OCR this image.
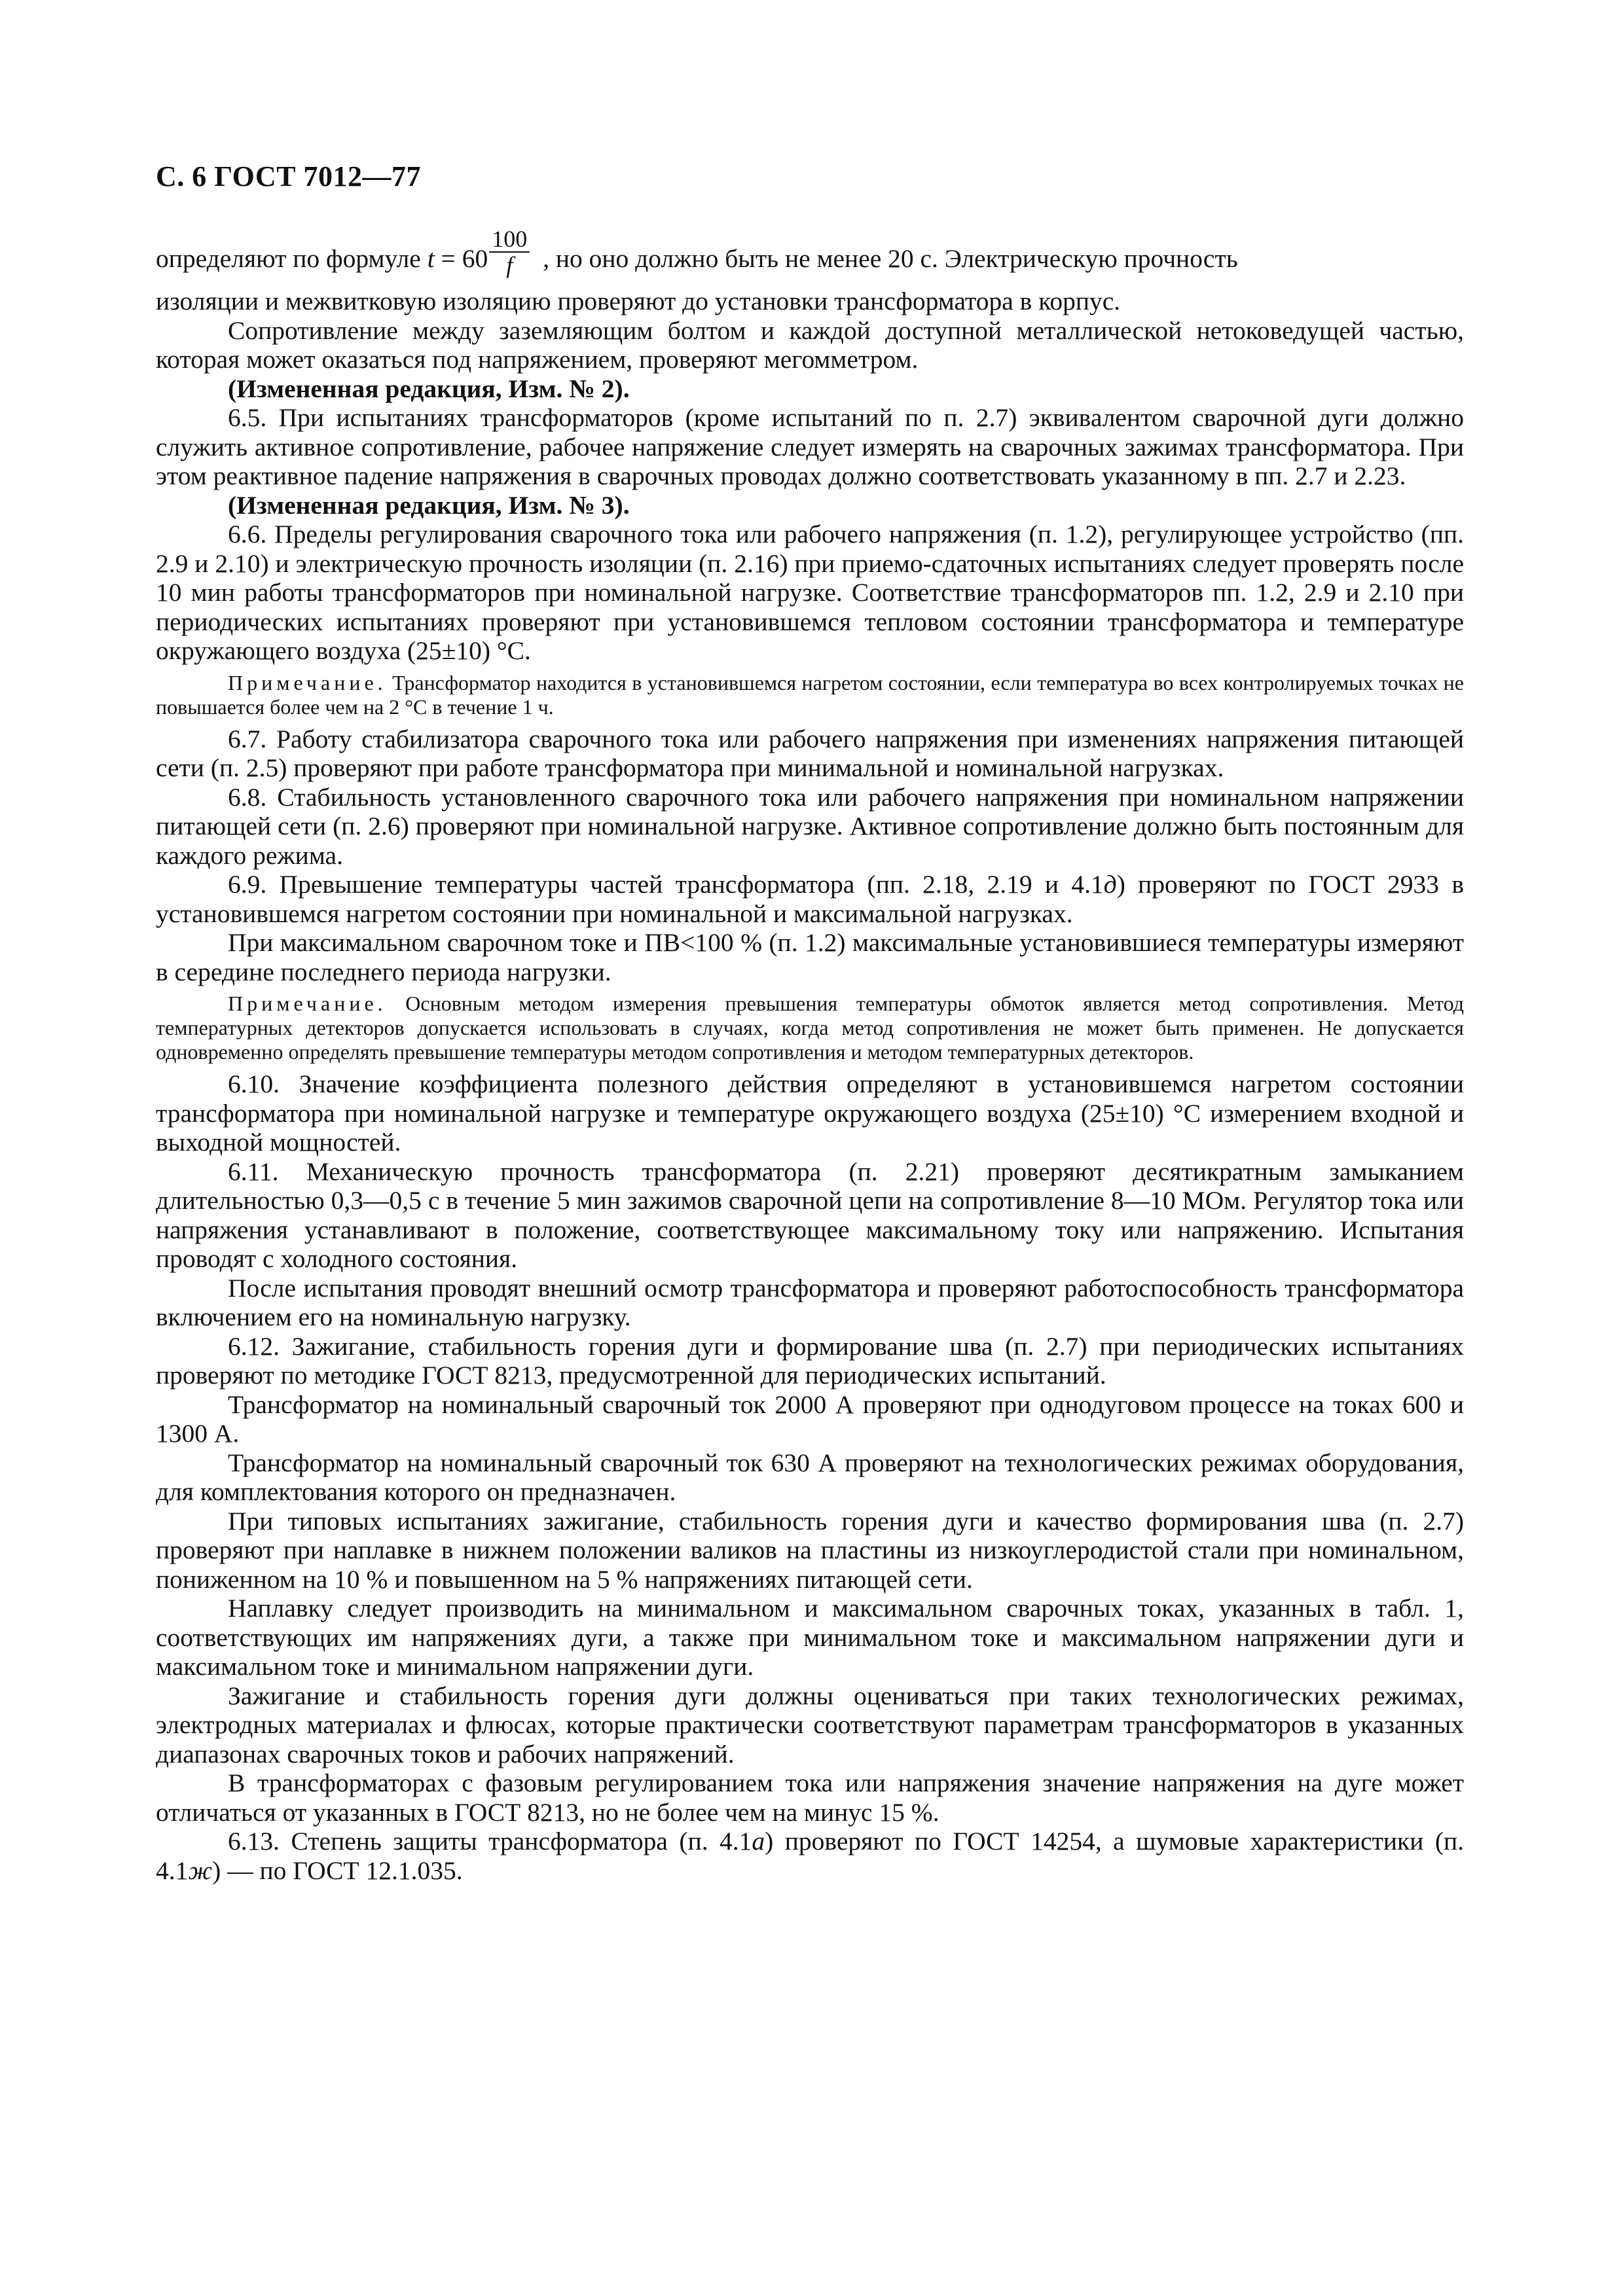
С. 6 ГОСТ 7012—77

определяют по формуле $t = 60 \frac{100}{f}$ , но оно должно быть не менее 20 с. Электрическую прочность

изоляции и межвитковую изоляцию проверяют до установки трансформатора в корпус.

Сопротивление между заземляющим болтом и каждой доступной металлической нетоковедущей частью, которая может оказаться под напряжением, проверяют мегомметром.

(Измененная редакция, Изм. № 2).

6.5. При испытаниях трансформаторов (кроме испытаний по п. 2.7) эквивалентом сварочной дуги должно служить активное сопротивление, рабочее напряжение следует измерять на сварочных зажимах трансформатора. При этом реактивное падение напряжения в сварочных проводах должно соответствовать указанному в пп. 2.7 и 2.23.

(Измененная редакция, Изм. № 3).

6.6. Пределы регулирования сварочного тока или рабочего напряжения (п. 1.2), регулирующее устройство (пп. 2.9 и 2.10) и электрическую прочность изоляции (п. 2.16) при приемо-сдаточных испытаниях следует проверять после 10 мин работы трансформаторов при номинальной нагрузке. Соответствие трансформаторов пп. 1.2, 2.9 и 2.10 при периодических испытаниях проверяют при установившемся тепловом состоянии трансформатора и температуре окружающего воздуха (25±10) °С.

Примечание. Трансформатор находится в установившемся нагретом состоянии, если температура во всех контролируемых точках не повышается более чем на 2 °С в течение 1 ч.

6.7. Работу стабилизатора сварочного тока или рабочего напряжения при изменениях напряжения питающей сети (п. 2.5) проверяют при работе трансформатора при минимальной и номинальной нагрузках.

6.8. Стабильность установленного сварочного тока или рабочего напряжения при номинальном напряжении питающей сети (п. 2.6) проверяют при номинальной нагрузке. Активное сопротивление должно быть постоянным для каждого режима.

6.9. Превышение температуры частей трансформатора (пп. 2.18, 2.19 и 4.1д) проверяют по ГОСТ 2933 в установившемся нагретом состоянии при номинальной и максимальной нагрузках.

При максимальном сварочном токе и ПВ<100 % (п. 1.2) максимальные установившиеся температуры измеряют в середине последнего периода нагрузки.

Примечание. Основным методом измерения превышения температуры обмоток является метод сопротивления. Метод температурных детекторов допускается использовать в случаях, когда метод сопротивления не может быть применен. Не допускается одновременно определять превышение температуры методом сопротивления и методом температурных детекторов.

6.10. Значение коэффициента полезного действия определяют в установившемся нагретом состоянии трансформатора при номинальной нагрузке и температуре окружающего воздуха (25±10) °С измерением входной и выходной мощностей.

6.11. Механическую прочность трансформатора (п. 2.21) проверяют десятикратным замыканием длительностью 0,3—0,5 с в течение 5 мин зажимов сварочной цепи на сопротивление 8—10 МОм. Регулятор тока или напряжения устанавливают в положение, соответствующее максимальному току или напряжению. Испытания проводят с холодного состояния.

После испытания проводят внешний осмотр трансформатора и проверяют работоспособность трансформатора включением его на номинальную нагрузку.

6.12. Зажигание, стабильность горения дуги и формирование шва (п. 2.7) при периодических испытаниях проверяют по методике ГОСТ 8213, предусмотренной для периодических испытаний.

Трансформатор на номинальный сварочный ток 2000 А проверяют при однодуговом процессе на токах 600 и 1300 А.

Трансформатор на номинальный сварочный ток 630 А проверяют на технологических режимах оборудования, для комплектования которого он предназначен.

При типовых испытаниях зажигание, стабильность горения дуги и качество формирования шва (п. 2.7) проверяют при наплавке в нижнем положении валиков на пластины из низкоуглеродистой стали при номинальном, пониженном на 10 % и повышенном на 5 % напряжениях питающей сети.

Наплавку следует производить на минимальном и максимальном сварочных токах, указанных в табл. 1, соответствующих им напряжениях дуги, а также при минимальном токе и максимальном напряжении дуги и максимальном токе и минимальном напряжении дуги.

Зажигание и стабильность горения дуги должны оцениваться при таких технологических режимах, электродных материалах и флюсах, которые практически соответствуют параметрам трансформаторов в указанных диапазонах сварочных токов и рабочих напряжений.

В трансформаторах с фазовым регулированием тока или напряжения значение напряжения на дуге может отличаться от указанных в ГОСТ 8213, но не более чем на минус 15 %.

6.13. Степень защиты трансформатора (п. 4.1а) проверяют по ГОСТ 14254, а шумовые характеристики (п. 4.1ж) — по ГОСТ 12.1.035.
